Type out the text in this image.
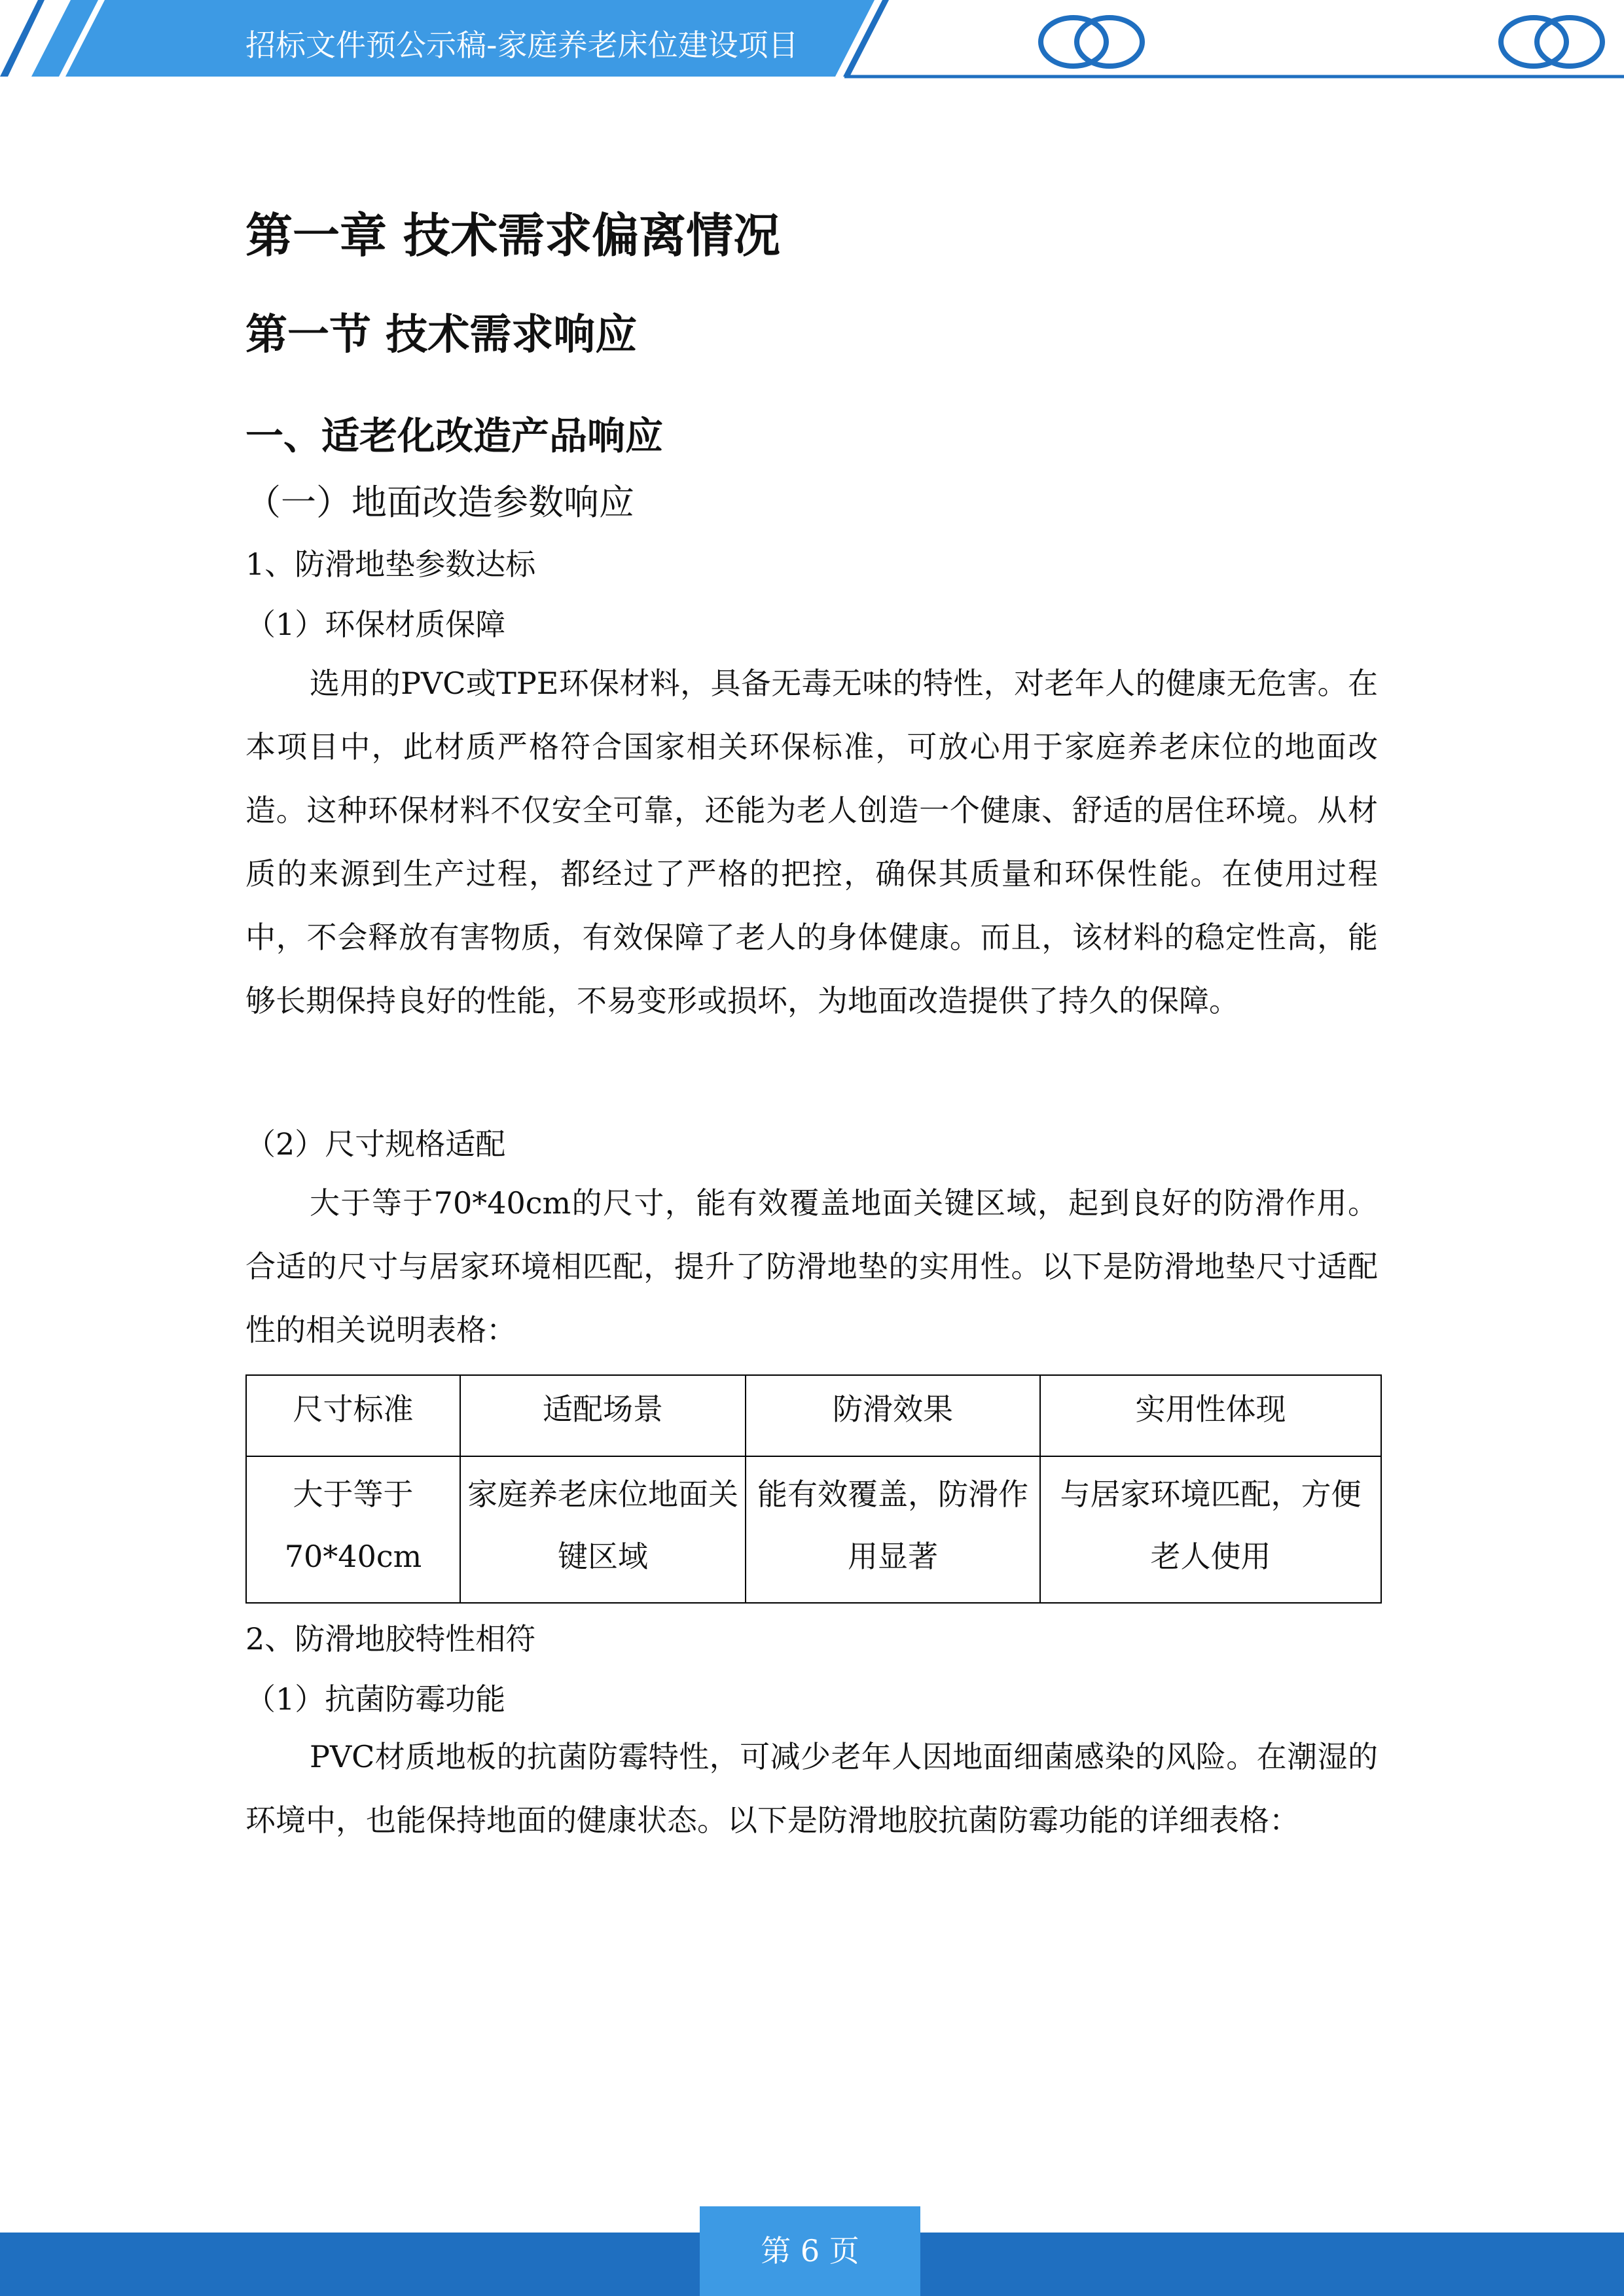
招标文件预公示稿-家庭养老床位建设项目
第一章 技术需求偏离情况
第一节 技术需求响应
一、适老化改造产品响应
（一）地面改造参数响应
1、防滑地垫参数达标
（1）环保材质保障

选用的PVC或TPE环保材料，具备无毒无味的特性，对老年人的健康无危害。在本项目中，此材质严格符合国家相关环保标准，可放心用于家庭养老床位的地面改造。这种环保材料不仅安全可靠，还能为老人创造一个健康、舒适的居住环境。从材质的来源到生产过程，都经过了严格的把控，确保其质量和环保性能。在使用过程中，不会释放有害物质，有效保障了老人的身体健康。而且，该材料的稳定性高，能够长期保持良好的性能，不易变形或损坏，为地面改造提供了持久的保障。

（2）尺寸规格适配

大于等于70*40cm的尺寸，能有效覆盖地面关键区域，起到良好的防滑作用。合适的尺寸与居家环境相匹配，提升了防滑地垫的实用性。以下是防滑地垫尺寸适配性的相关说明表格：

尺寸标准	适配场景	防滑效果	实用性体现
大于等于70*40cm	家庭养老床位地面关键区域	能有效覆盖，防滑作用显著	与居家环境匹配，方便老人使用
2、防滑地胶特性相符
（1）抗菌防霉功能

PVC材质地板的抗菌防霉特性，可减少老年人因地面细菌感染的风险。在潮湿的环境中，也能保持地面的健康状态。以下是防滑地胶抗菌防霉功能的详细表格：

第 6 页
